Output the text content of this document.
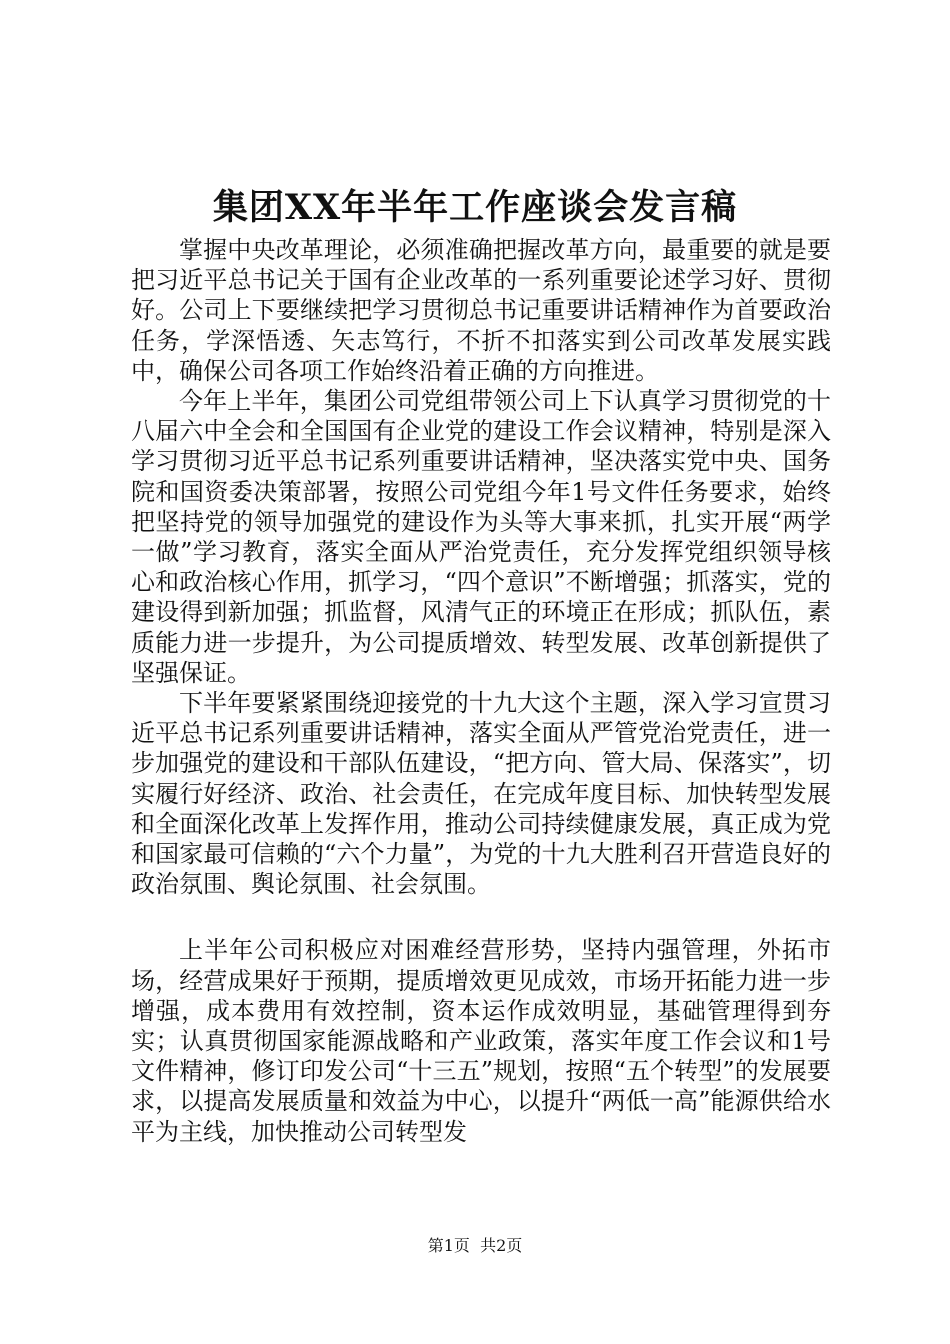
集团XX年半年工作座谈会发言稿

掌握中央改革理论，必须准确把握改革方向，最重要的就是要把习近平总书记关于国有企业改革的一系列重要论述学习好、贯彻好。公司上下要继续把学习贯彻总书记重要讲话精神作为首要政治任务，学深悟透、矢志笃行，不折不扣落实到公司改革发展实践中，确保公司各项工作始终沿着正确的方向推进。

今年上半年，集团公司党组带领公司上下认真学习贯彻党的十八届六中全会和全国国有企业党的建设工作会议精神，特别是深入学习贯彻习近平总书记系列重要讲话精神，坚决落实党中央、国务院和国资委决策部署，按照公司党组今年1号文件任务要求，始终把坚持党的领导加强党的建设作为头等大事来抓，扎实开展“两学一做”学习教育，落实全面从严治党责任，充分发挥党组织领导核心和政治核心作用，抓学习，“四个意识”不断增强；抓落实，党的建设得到新加强；抓监督，风清气正的环境正在形成；抓队伍，素质能力进一步提升，为公司提质增效、转型发展、改革创新提供了坚强保证。

下半年要紧紧围绕迎接党的十九大这个主题，深入学习宣贯习近平总书记系列重要讲话精神，落实全面从严管党治党责任，进一步加强党的建设和干部队伍建设，“把方向、管大局、保落实”，切实履行好经济、政治、社会责任，在完成年度目标、加快转型发展和全面深化改革上发挥作用，推动公司持续健康发展，真正成为党和国家最可信赖的“六个力量”，为党的十九大胜利召开营造良好的政治氛围、舆论氛围、社会氛围。

上半年公司积极应对困难经营形势，坚持内强管理，外拓市场，经营成果好于预期，提质增效更见成效，市场开拓能力进一步增强，成本费用有效控制，资本运作成效明显，基础管理得到夯实；认真贯彻国家能源战略和产业政策，落实年度工作会议和1号文件精神，修订印发公司“十三五”规划，按照“五个转型”的发展要求，以提高发展质量和效益为中心，以提升“两低一高”能源供给水平为主线，加快推动公司转型发

第1页  共2页
